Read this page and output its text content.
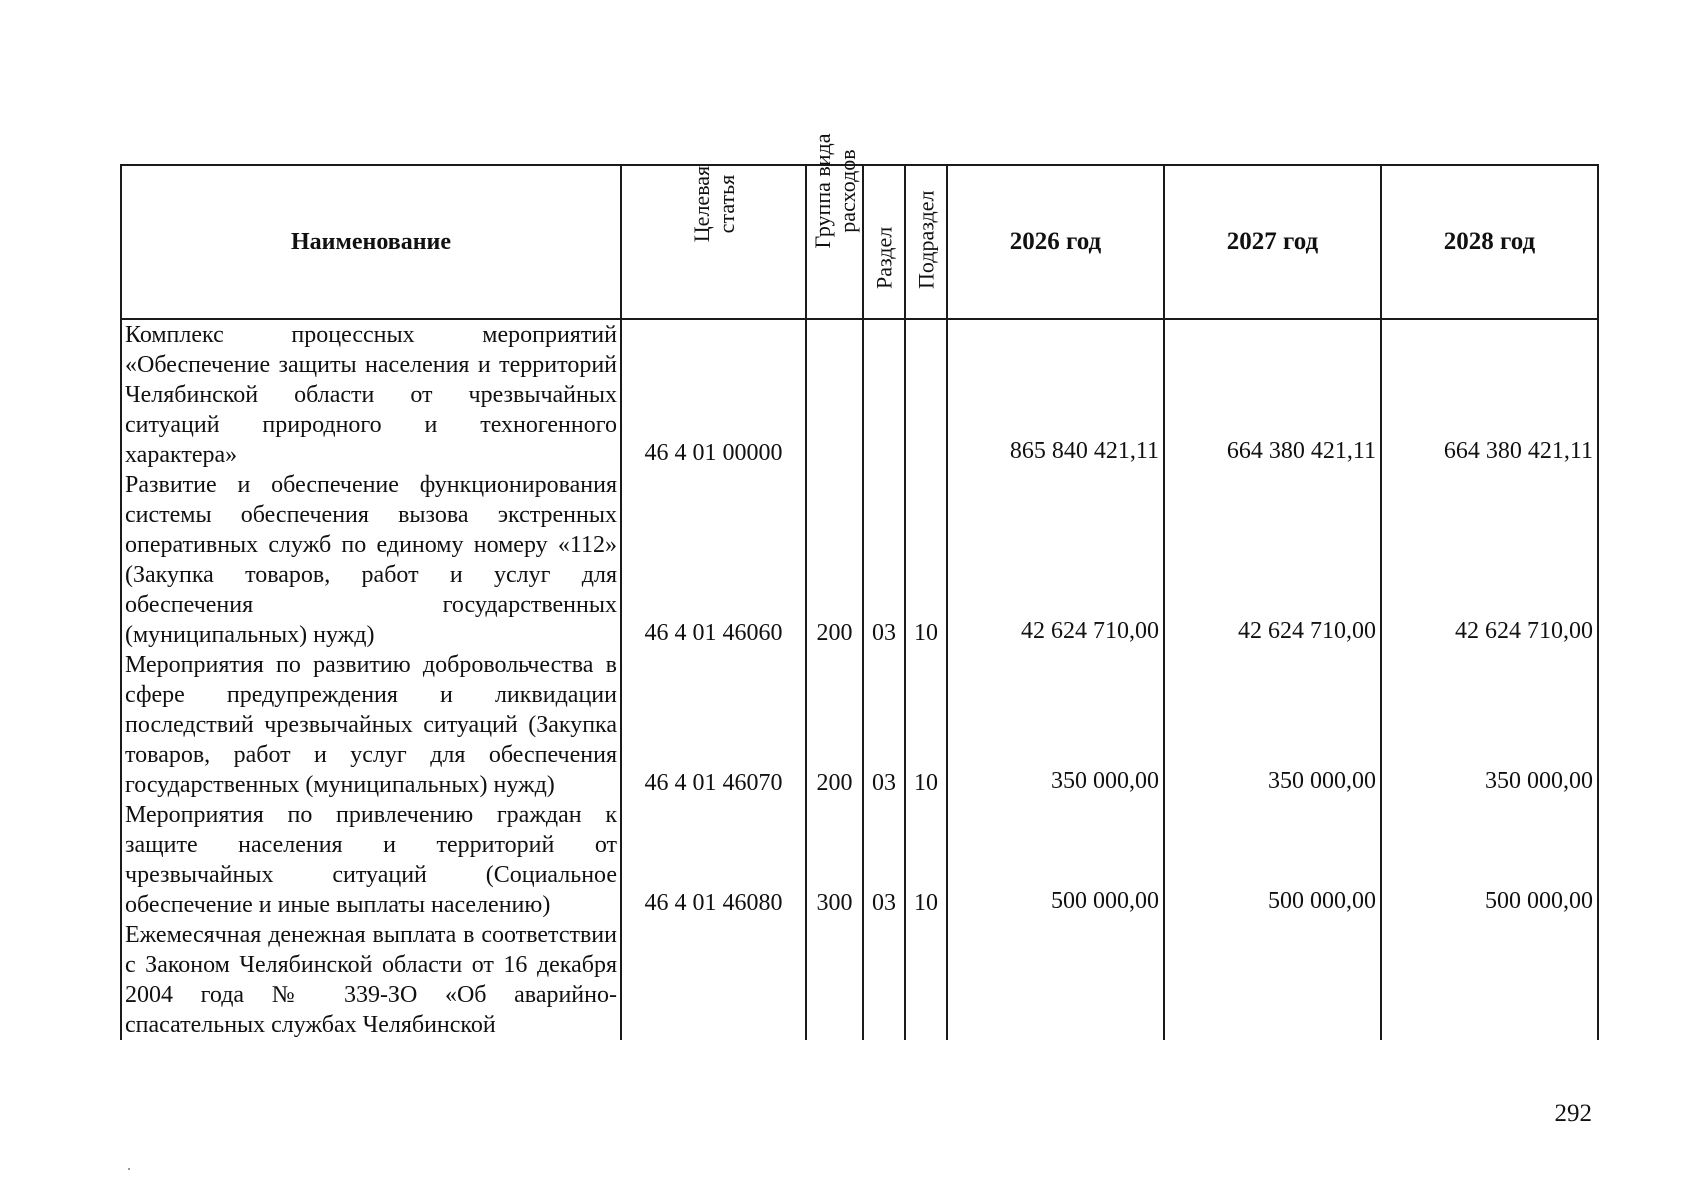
Наименование	Целевая статья	Группа вида расходов	Раздел	Подраздел	2026 год	2027 год	2028 год
Комплекс процессных мероприятий «Обеспечение защиты населения и территорий Челябинской области от чрезвычайных ситуаций природного и техногенного характера»	46 4 01 00000				865 840 421,11	664 380 421,11	664 380 421,11
Развитие и обеспечение функционирования системы обеспечения вызова экстренных оперативных служб по единому номеру «112» (Закупка товаров, работ и услуг для обеспечения государственных (муниципальных) нужд)	46 4 01 46060	200	03	10	42 624 710,00	42 624 710,00	42 624 710,00
Мероприятия по развитию добровольчества в сфере предупреждения и ликвидации последствий чрезвычайных ситуаций (Закупка товаров, работ и услуг для обеспечения государственных (муниципальных) нужд)	46 4 01 46070	200	03	10	350 000,00	350 000,00	350 000,00
Мероприятия по привлечению граждан к защите населения и территорий от чрезвычайных ситуаций (Социальное обеспечение и иные выплаты населению)	46 4 01 46080	300	03	10	500 000,00	500 000,00	500 000,00
Ежемесячная денежная выплата в соответствии с Законом Челябинской области от 16 декабря 2004 года № 339-ЗО «Об аварийно-спасательных службах Челябинской							
292
